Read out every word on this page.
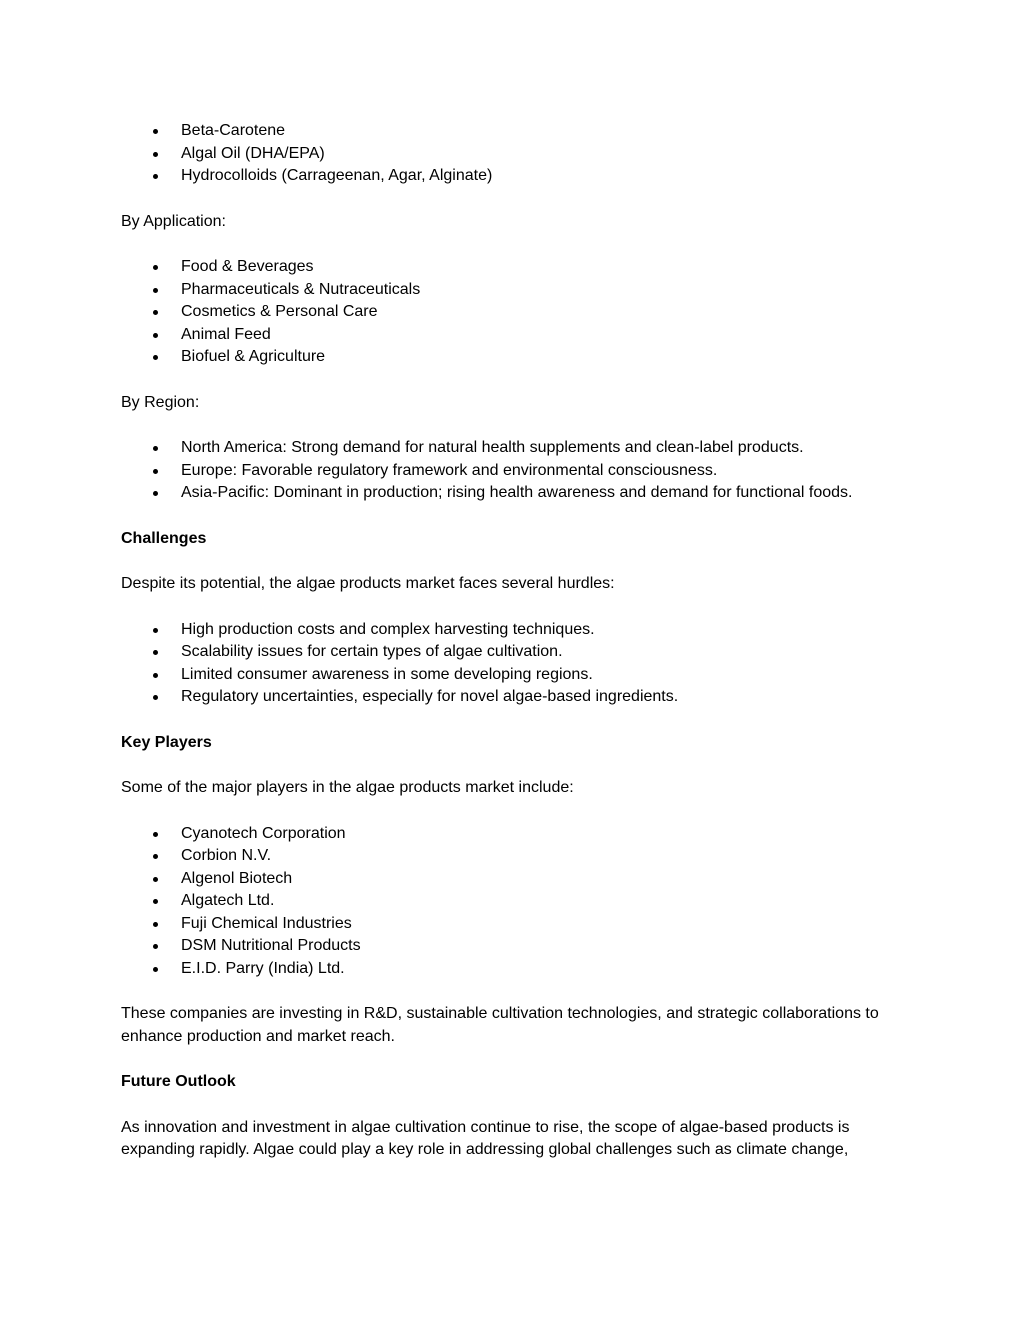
Beta-Carotene
Algal Oil (DHA/EPA)
Hydrocolloids (Carrageenan, Agar, Alginate)

By Application:

Food & Beverages
Pharmaceuticals & Nutraceuticals
Cosmetics & Personal Care
Animal Feed
Biofuel & Agriculture

By Region:

North America: Strong demand for natural health supplements and clean-label products.
Europe: Favorable regulatory framework and environmental consciousness.
Asia-Pacific: Dominant in production; rising health awareness and demand for functional foods.

Challenges

Despite its potential, the algae products market faces several hurdles:

High production costs and complex harvesting techniques.
Scalability issues for certain types of algae cultivation.
Limited consumer awareness in some developing regions.
Regulatory uncertainties, especially for novel algae-based ingredients.

Key Players

Some of the major players in the algae products market include:

Cyanotech Corporation
Corbion N.V.
Algenol Biotech
Algatech Ltd.
Fuji Chemical Industries
DSM Nutritional Products
E.I.D. Parry (India) Ltd.

These companies are investing in R&D, sustainable cultivation technologies, and strategic collaborations to enhance production and market reach.

Future Outlook

As innovation and investment in algae cultivation continue to rise, the scope of algae-based products is expanding rapidly. Algae could play a key role in addressing global challenges such as climate change,
